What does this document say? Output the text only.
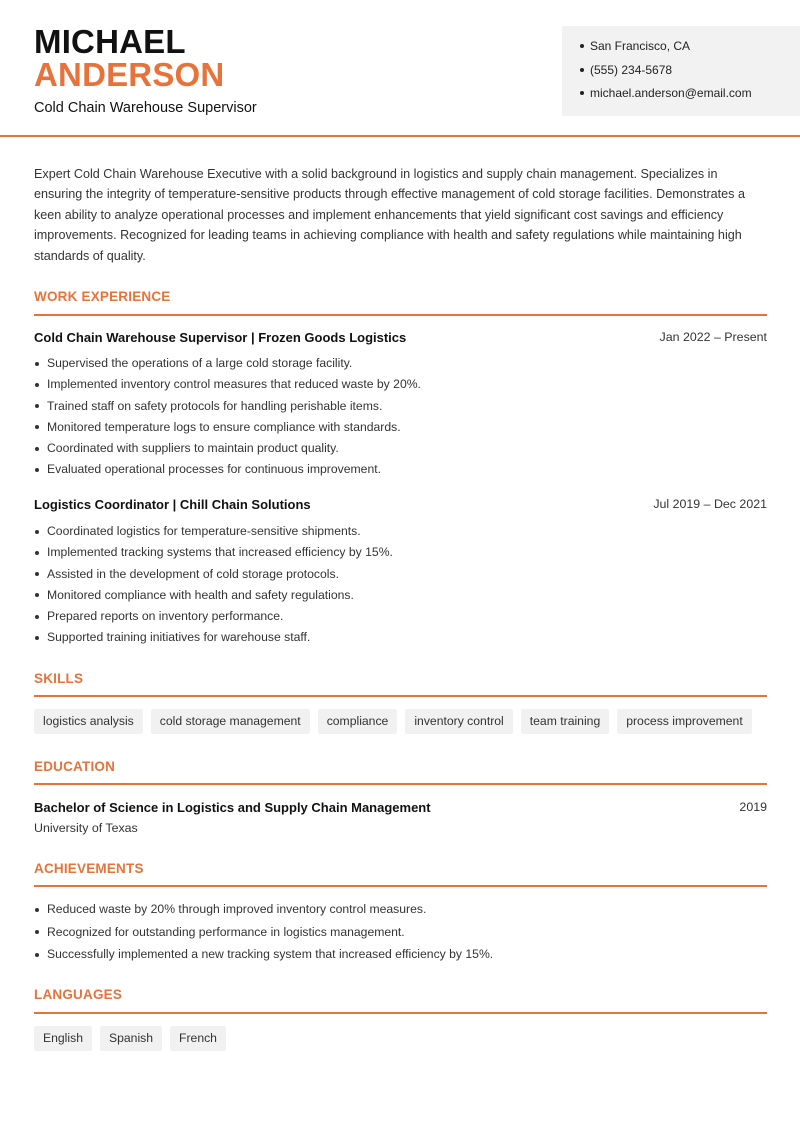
MICHAEL
ANDERSON
Cold Chain Warehouse Supervisor
San Francisco, CA
(555) 234-5678
michael.anderson@email.com

Expert Cold Chain Warehouse Executive with a solid background in logistics and supply chain management. Specializes in ensuring the integrity of temperature-sensitive products through effective management of cold storage facilities. Demonstrates a keen ability to analyze operational processes and implement enhancements that yield significant cost savings and efficiency improvements. Recognized for leading teams in achieving compliance with health and safety regulations while maintaining high standards of quality.

WORK EXPERIENCE
Cold Chain Warehouse Supervisor | Frozen Goods Logistics	Jan 2022 – Present
Supervised the operations of a large cold storage facility.
Implemented inventory control measures that reduced waste by 20%.
Trained staff on safety protocols for handling perishable items.
Monitored temperature logs to ensure compliance with standards.
Coordinated with suppliers to maintain product quality.
Evaluated operational processes for continuous improvement.
Logistics Coordinator | Chill Chain Solutions	Jul 2019 – Dec 2021
Coordinated logistics for temperature-sensitive shipments.
Implemented tracking systems that increased efficiency by 15%.
Assisted in the development of cold storage protocols.
Monitored compliance with health and safety regulations.
Prepared reports on inventory performance.
Supported training initiatives for warehouse staff.
SKILLS
logistics analysis	cold storage management	compliance	inventory control	team training	process improvement
EDUCATION
Bachelor of Science in Logistics and Supply Chain Management	2019
University of Texas
ACHIEVEMENTS
Reduced waste by 20% through improved inventory control measures.
Recognized for outstanding performance in logistics management.
Successfully implemented a new tracking system that increased efficiency by 15%.
LANGUAGES
English	Spanish	French
